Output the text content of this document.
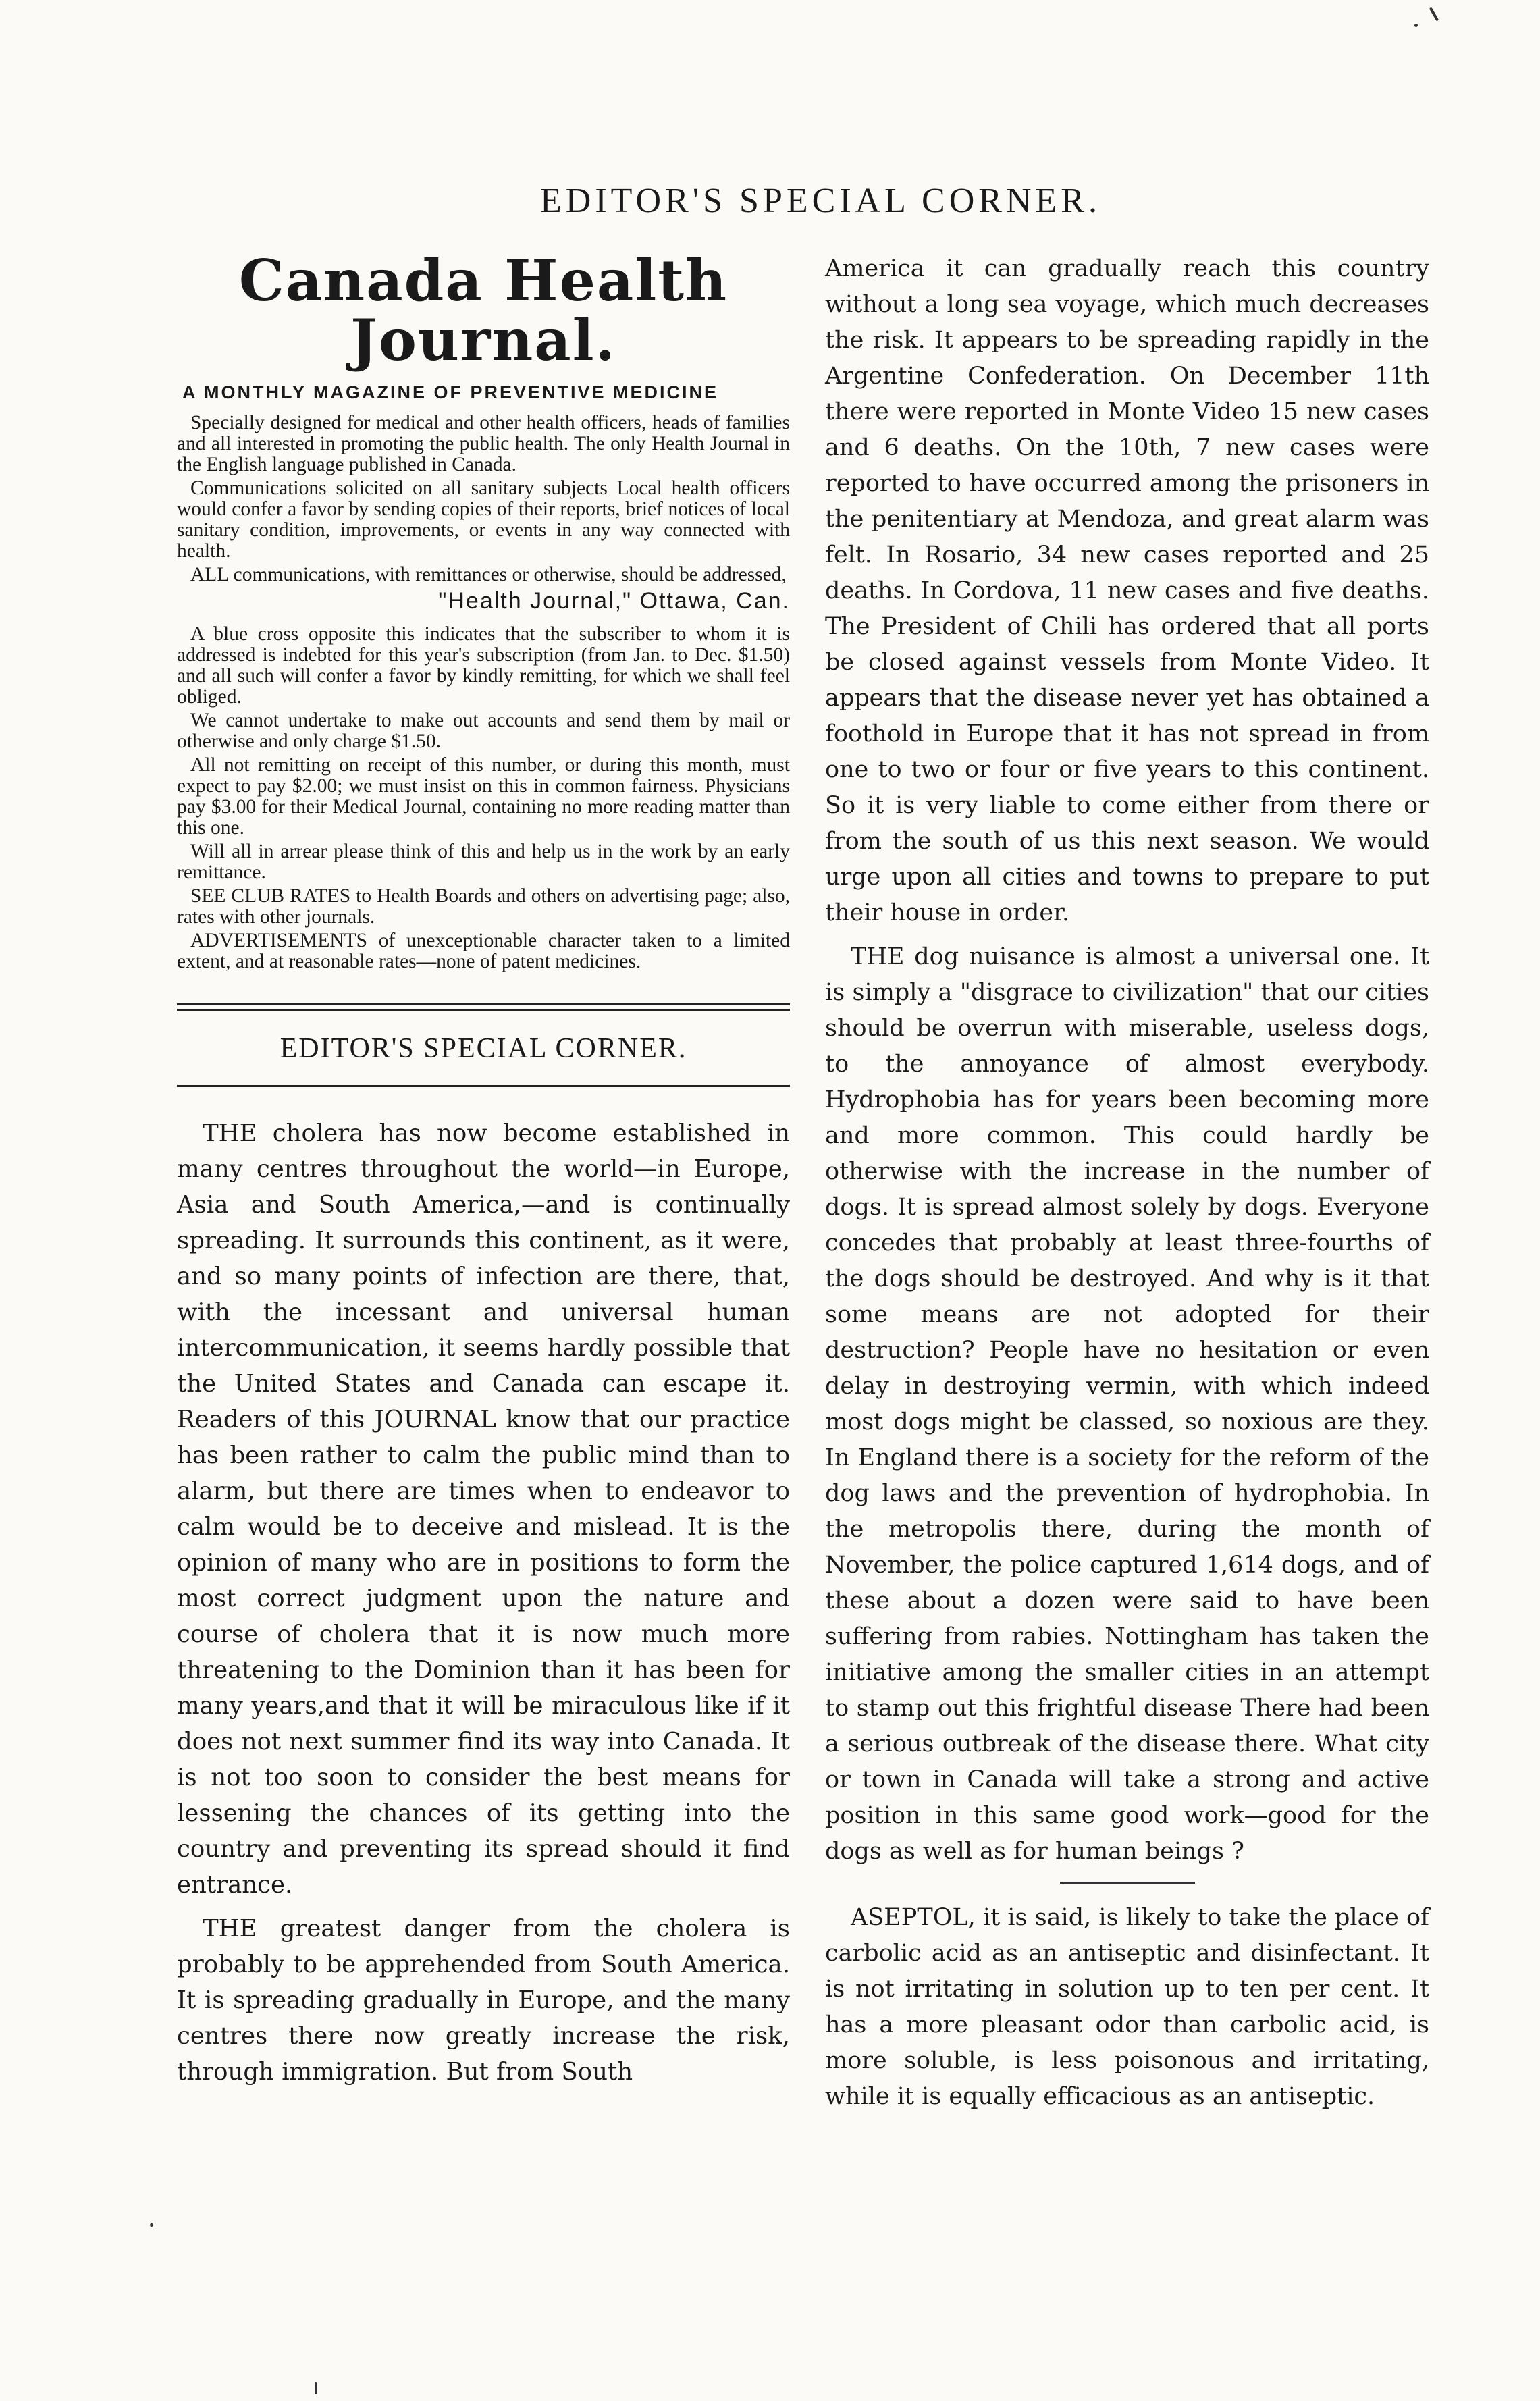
EDITOR'S SPECIAL CORNER.
Canada Health Journal.
A MONTHLY MAGAZINE OF PREVENTIVE MEDICINE

Specially designed for medical and other health officers, heads of families and all interested in promoting the public health. The only Health Journal in the English language published in Canada.

Communications solicited on all sanitary subjects Local health officers would confer a favor by sending copies of their reports, brief notices of local sanitary condition, improvements, or events in any way connected with health.

ALL communications, with remittances or otherwise, should be addressed,

"Health Journal," Ottawa, Can.

A blue cross opposite this indicates that the subscriber to whom it is addressed is indebted for this year's subscription (from Jan. to Dec. $1.50) and all such will confer a favor by kindly remitting, for which we shall feel obliged.

We cannot undertake to make out accounts and send them by mail or otherwise and only charge $1.50.

All not remitting on receipt of this number, or during this month, must expect to pay $2.00; we must insist on this in common fairness. Physicians pay $3.00 for their Medical Journal, containing no more reading matter than this one.

Will all in arrear please think of this and help us in the work by an early remittance.

SEE CLUB RATES to Health Boards and others on advertising page; also, rates with other journals.

ADVERTISEMENTS of unexceptionable character taken to a limited extent, and at reasonable rates—none of patent medicines.

EDITOR'S SPECIAL CORNER.

THE cholera has now become established in many centres throughout the world—in Europe, Asia and South America,—and is continually spreading. It surrounds this continent, as it were, and so many points of infection are there, that, with the incessant and universal human intercommunication, it seems hardly possible that the United States and Canada can escape it. Readers of this JOURNAL know that our practice has been rather to calm the public mind than to alarm, but there are times when to endeavor to calm would be to deceive and mislead. It is the opinion of many who are in positions to form the most correct judgment upon the nature and course of cholera that it is now much more threatening to the Dominion than it has been for many years,and that it will be miraculous like if it does not next summer find its way into Canada. It is not too soon to consider the best means for lessening the chances of its getting into the country and preventing its spread should it find entrance.

THE greatest danger from the cholera is probably to be apprehended from South America. It is spreading gradually in Europe, and the many centres there now greatly increase the risk, through immigration. But from South

America it can gradually reach this country without a long sea voyage, which much decreases the risk. It appears to be spreading rapidly in the Argentine Confederation. On December 11th there were reported in Monte Video 15 new cases and 6 deaths. On the 10th, 7 new cases were reported to have occurred among the prisoners in the penitentiary at Mendoza, and great alarm was felt. In Rosario, 34 new cases reported and 25 deaths. In Cordova, 11 new cases and five deaths. The President of Chili has ordered that all ports be closed against vessels from Monte Video. It appears that the disease never yet has obtained a foothold in Europe that it has not spread in from one to two or four or five years to this continent. So it is very liable to come either from there or from the south of us this next season. We would urge upon all cities and towns to prepare to put their house in order.

THE dog nuisance is almost a universal one. It is simply a "disgrace to civilization" that our cities should be overrun with miserable, useless dogs, to the annoyance of almost everybody. Hydrophobia has for years been becoming more and more common. This could hardly be otherwise with the increase in the number of dogs. It is spread almost solely by dogs. Everyone concedes that probably at least three-fourths of the dogs should be destroyed. And why is it that some means are not adopted for their destruction? People have no hesitation or even delay in destroying vermin, with which indeed most dogs might be classed, so noxious are they. In England there is a society for the reform of the dog laws and the prevention of hydrophobia. In the metropolis there, during the month of November, the police captured 1,614 dogs, and of these about a dozen were said to have been suffering from rabies. Nottingham has taken the initiative among the smaller cities in an attempt to stamp out this frightful disease There had been a serious outbreak of the disease there. What city or town in Canada will take a strong and active position in this same good work—good for the dogs as well as for human beings ?

ASEPTOL, it is said, is likely to take the place of carbolic acid as an antiseptic and disinfectant. It is not irritating in solution up to ten per cent. It has a more pleasant odor than carbolic acid, is more soluble, is less poisonous and irritating, while it is equally efficacious as an antiseptic.
